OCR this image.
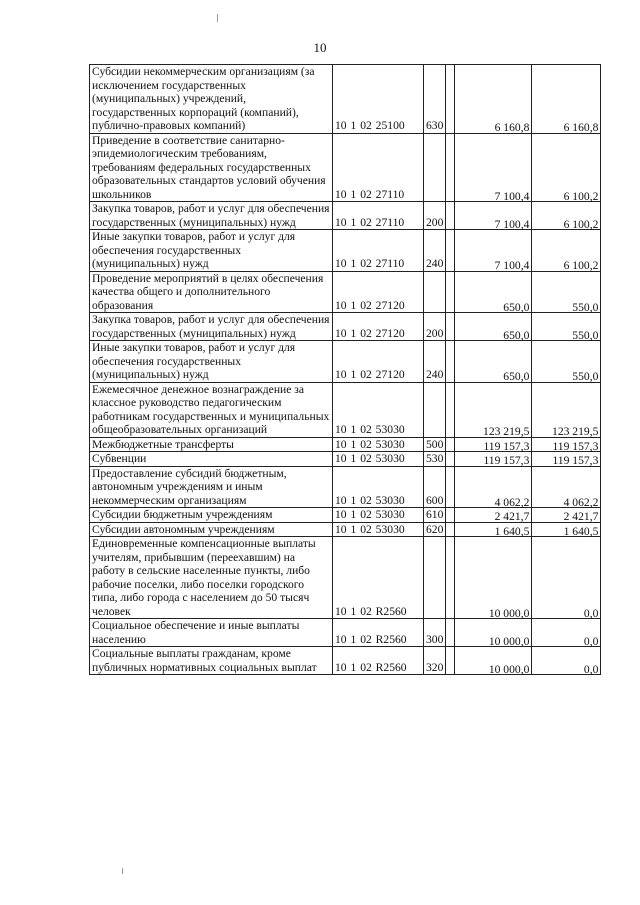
10
Субсидии некоммерческим организациям (за исключением государственных (муниципальных) учреждений, государственных корпораций (компаний), публично-правовых компаний)	10 1 02 25100	630		6 160,8	6 160,8
Приведение в соответствие санитарно-эпидемиологическим требованиям, требованиям федеральных государственных образовательных стандартов условий обучения школьников	10 1 02 27110			7 100,4	6 100,2
Закупка товаров, работ и услуг для обеспечения государственных (муниципальных) нужд	10 1 02 27110	200		7 100,4	6 100,2
Иные закупки товаров, работ и услуг для обеспечения государственных (муниципальных) нужд	10 1 02 27110	240		7 100,4	6 100,2
Проведение мероприятий в целях обеспечения качества общего и дополнительного образования	10 1 02 27120			650,0	550,0
Закупка товаров, работ и услуг для обеспечения государственных (муниципальных) нужд	10 1 02 27120	200		650,0	550,0
Иные закупки товаров, работ и услуг для обеспечения государственных (муниципальных) нужд	10 1 02 27120	240		650,0	550,0
Ежемесячное денежное вознаграждение за классное руководство педагогическим работникам государственных и муниципальных общеобразовательных организаций	10 1 02 53030			123 219,5	123 219,5
Межбюджетные трансферты	10 1 02 53030	500		119 157,3	119 157,3
Субвенции	10 1 02 53030	530		119 157,3	119 157,3
Предоставление субсидий бюджетным, автономным учреждениям и иным некоммерческим организациям	10 1 02 53030	600		4 062,2	4 062,2
Субсидии бюджетным учреждениям	10 1 02 53030	610		2 421,7	2 421,7
Субсидии автономным учреждениям	10 1 02 53030	620		1 640,5	1 640,5
Единовременные компенсационные выплаты учителям, прибывшим (переехавшим) на работу в сельские населенные пункты, либо рабочие поселки, либо поселки городского типа, либо города с населением до 50 тысяч человек	10 1 02 R2560			10 000,0	0,0
Социальное обеспечение и иные выплаты населению	10 1 02 R2560	300		10 000,0	0,0
Социальные выплаты гражданам, кроме публичных нормативных социальных выплат	10 1 02 R2560	320		10 000,0	0,0
